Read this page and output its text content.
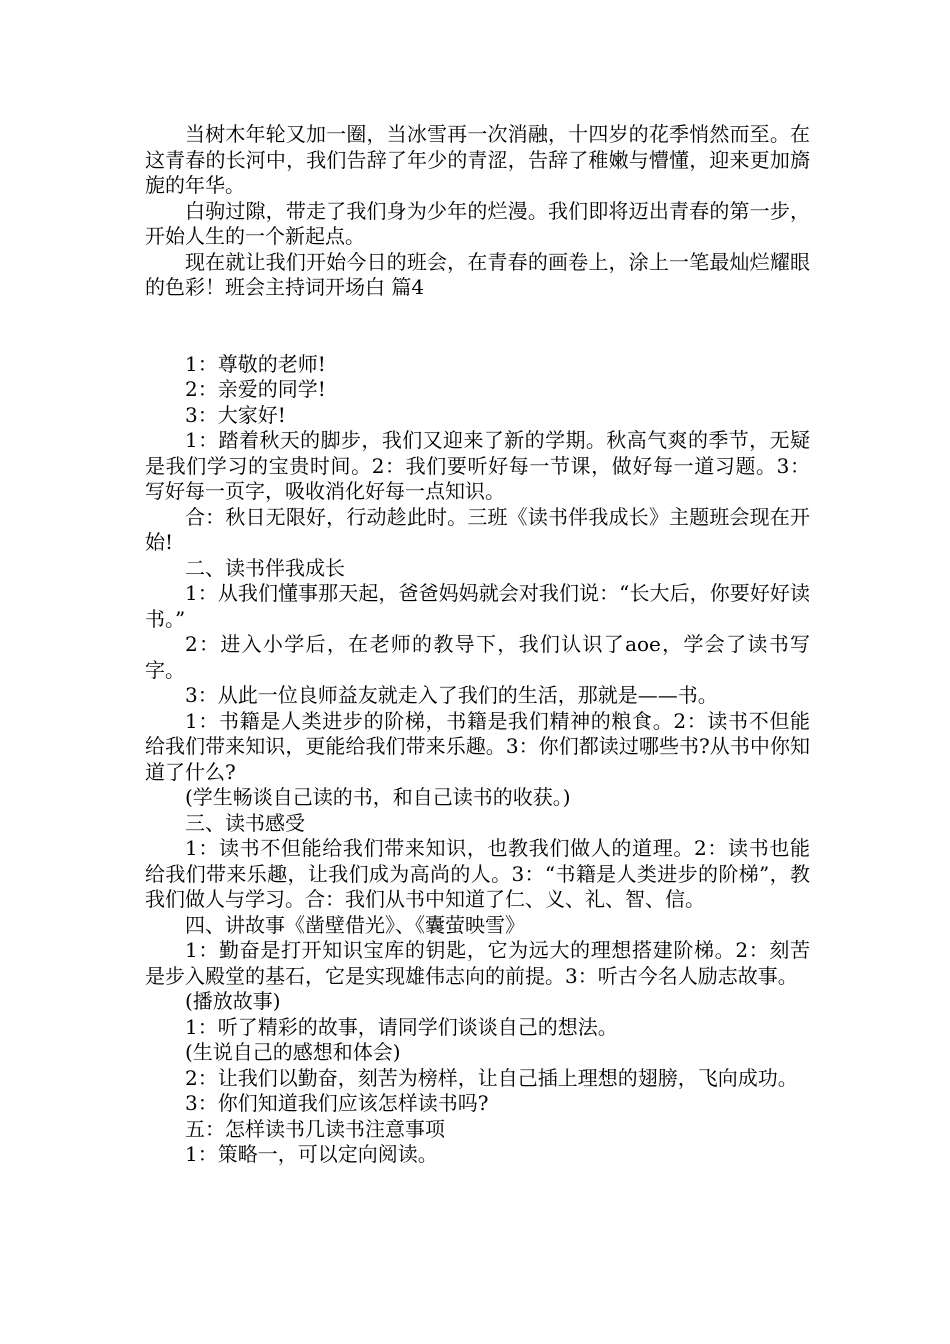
当树木年轮又加一圈，当冰雪再一次消融，十四岁的花季悄然而至。在这青春的长河中，我们告辞了年少的青涩，告辞了稚嫩与懵懂，迎来更加旖旎的年华。

白驹过隙，带走了我们身为少年的烂漫。我们即将迈出青春的第一步，开始人生的一个新起点。

现在就让我们开始今日的班会，在青春的画卷上，涂上一笔最灿烂耀眼的色彩！班会主持词开场白 篇4

1：尊敬的老师!

2：亲爱的同学!

3：大家好!

1：踏着秋天的脚步，我们又迎来了新的学期。秋高气爽的季节，无疑是我们学习的宝贵时间。2：我们要听好每一节课，做好每一道习题。3：写好每一页字，吸收消化好每一点知识。

合：秋日无限好，行动趁此时。三班《读书伴我成长》主题班会现在开始!

二、读书伴我成长

1：从我们懂事那天起，爸爸妈妈就会对我们说：“长大后，你要好好读书。”

2：进入小学后，在老师的教导下，我们认识了aoe，学会了读书写字。

3：从此一位良师益友就走入了我们的生活，那就是——书。

1：书籍是人类进步的阶梯，书籍是我们精神的粮食。2：读书不但能给我们带来知识，更能给我们带来乐趣。3：你们都读过哪些书?从书中你知道了什么?

(学生畅谈自己读的书，和自己读书的收获。)

三、读书感受

1：读书不但能给我们带来知识，也教我们做人的道理。2：读书也能给我们带来乐趣，让我们成为高尚的人。3：“书籍是人类进步的阶梯”，教我们做人与学习。合：我们从书中知道了仁、义、礼、智、信。

四、讲故事《凿壁借光》、《囊萤映雪》

1：勤奋是打开知识宝库的钥匙，它为远大的理想搭建阶梯。2：刻苦是步入殿堂的基石，它是实现雄伟志向的前提。3：听古今名人励志故事。

(播放故事)

1：听了精彩的故事，请同学们谈谈自己的想法。

(生说自己的感想和体会)

2：让我们以勤奋，刻苦为榜样，让自己插上理想的翅膀，飞向成功。

3：你们知道我们应该怎样读书吗?

五：怎样读书几读书注意事项

1：策略一，可以定向阅读。
